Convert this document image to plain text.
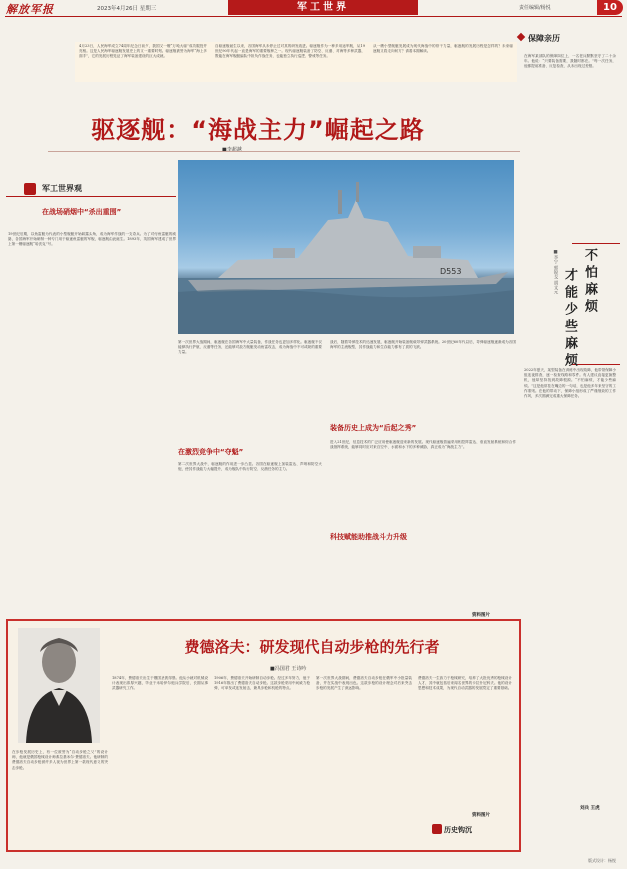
解放军报	2023年4月26日 星期三	军工世界	责任编辑/杨悦	10
4月23日，人民海军成立74周年纪念日前夕，我国又一艘“万吨大驱”成功服役并亮相。这是人民海军驱逐舰发展史上的又一重要时刻。驱逐舰被誉为海军“海上多面手”，它的发展历程见证了海军装备建设的巨大成就。
自驱逐舰诞生以来，各国海军从未停止过对其的研发改进。驱逐舰作为一种多用途军舰，从19世纪90年代起一直是海军的重要舰种之一。现代驱逐舰装备了防空、反潜、对海等多种武器，既能在海军舰艇编队中担负作战任务，也能独立执行巡逻、警戒等任务。
从一艘小型舰艇发展成为现代海战中的骨干力量，驱逐舰的发展历程是怎样的？未来驱逐舰又将走向何方？请看本期解读。
驱逐舰：“海战主力”崛起之路
■李超越
保障亲历
在海军某部队的保障岗位上，一名老兵默默坚守了二十余年。他说：“只要装备需要，我随时都在。”每一次任务，他都提前准备、反复检查，从未出现过差错。
不怕麻烦
才能少些麻烦
■李宁 郭锐戈 胡文元
2022年夏天，某型装备在训练中出现故障，他带领保障小组连夜排查，逐一检查线路和零件。有人建议直接更换整机，他却坚持找到故障根源。“不怕麻烦，才能少些麻烦。”这是他常挂在嘴边的一句话，也是他多年来坚守的工作准则。在他的带动下，保障小组形成了严谨细致的工作作风，多次圆满完成重大保障任务。
刘兵 王虎
D553
军工世界观
在战场硝烟中“杀出重围”
19世纪后期，以鱼雷艇为代表的小型舰艇开始崭露头角，成为海军作战的一支奇兵。为了对付鱼雷艇的威胁，各国海军开始研制一种专门用于驱逐鱼雷艇的军舰，驱逐舰由此诞生。1893年，英国海军建成了世界上第一艘驱逐舰“哈沃克”号。
第一次世界大战期间，驱逐舰在各国海军中大量装备，作战任务也更加多样化。驱逐舰不仅能够执行护航、反潜等任务，还能够对敌方舰艇发动鱼雷攻击，成为海战中不可或缺的重要力量。
在激烈竞争中“夺魁”
第二次世界大战中，驱逐舰的作用进一步凸显。各国在驱逐舰上加装雷达、声呐和防空火炮，使其作战能力大幅提升，成为舰队中执行防空、反潜任务的主力。
战后，随着导弹技术的迅速发展，驱逐舰开始装备舰载导弹武器系统。20世纪60年代以后，导弹驱逐舰逐渐成为各国海军的主流舰型，其作战能力和生存能力都有了质的飞跃。
装备历史上成为“后起之秀”
进入21世纪，信息技术的广泛应用使驱逐舰迎来新的发展。现代驱逐舰普遍采用相控阵雷达、垂直发射系统和综合作战指挥系统，能够同时应对来自空中、水面和水下的多种威胁，真正成为“海战主力”。
科技赋能助推战斗力升级
资料图片
费德洛夫：研发现代自动步枪的先行者
■冯国君 王诗吟
在步枪发展历史上，有一位被誉为“自动步枪之父”的设计师，他就是俄国枪械设计师弗拉基米尔·费德洛夫。他研制的费德洛夫自动步枪被许多人视为世界上第一款现代意义的突击步枪。
1874年，费德洛夫出生于俄国圣彼得堡。他从小就对机械设计表现出浓厚兴趣，毕业于米哈伊尔炮兵学院后，长期从事武器研究工作。
1906年，费德洛夫开始研制自动步枪。经过多年努力，他于1916年推出了费德洛夫自动步枪。这款步枪采用中间威力枪弹，可单发或连发射击，兼具步枪和机枪的特点。
第一次世界大战期间，费德洛夫自动步枪在俄军中小批量装备，并在实战中表现出色。这款步枪的设计理念对后来突击步枪的发展产生了深远影响。
费德洛夫一生致力于枪械研究，培养了大批优秀的枪械设计人才，其中就包括后来闻名世界的卡拉什尼科夫。他的设计思想和技术成果，为现代自动武器的发展奠定了重要基础。
资料图片
历史钩沉
版式设计：杨悦
